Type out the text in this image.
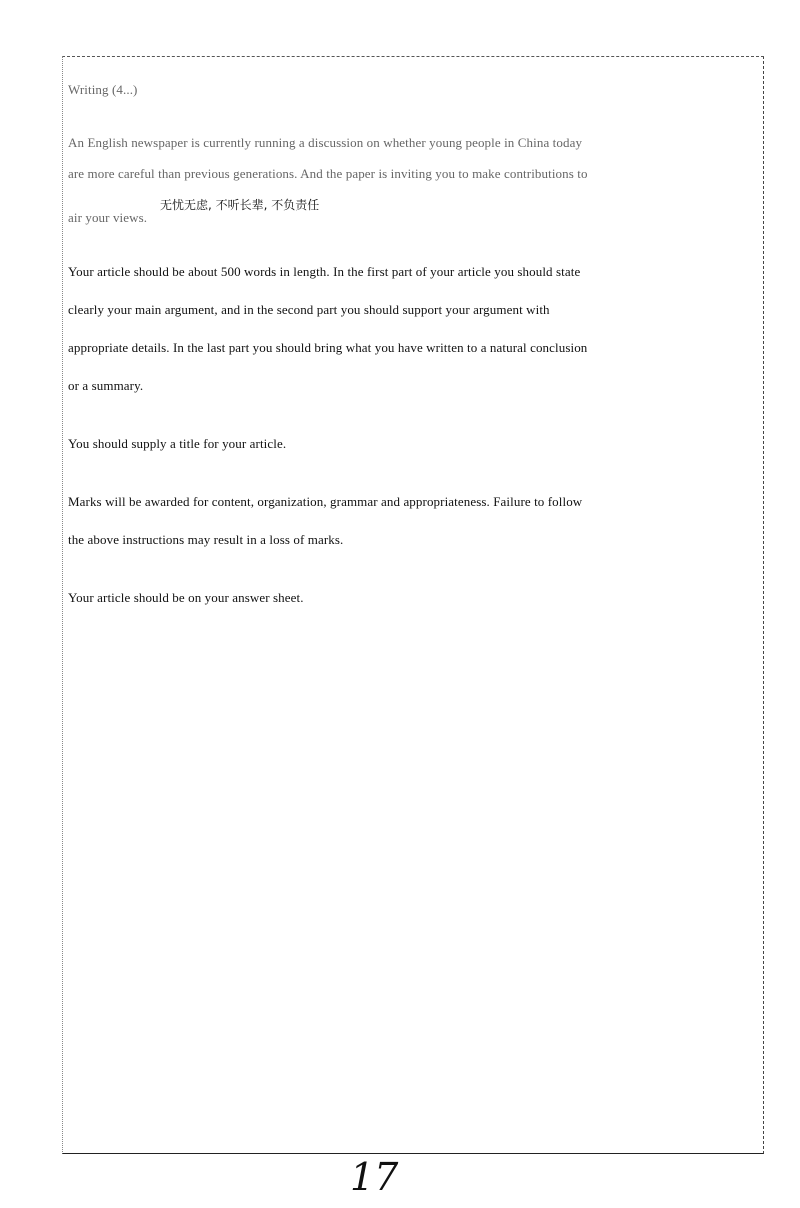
Writing (4...)
An English newspaper is currently running a discussion on whether young people in China today
are more careful than previous generations. And the paper is inviting you to make contributions to
air your views.
无忧无虑, 不听长辈, 不负责任
Your article should be about 500 words in length. In the first part of your article you should state
clearly your main argument, and in the second part you should support your argument with
appropriate details. In the last part you should bring what you have written to a natural conclusion
or a summary.
You should supply a title for your article.
Marks will be awarded for content, organization, grammar and appropriateness. Failure to follow
the above instructions may result in a loss of marks.
Your article should be on your answer sheet.
17
